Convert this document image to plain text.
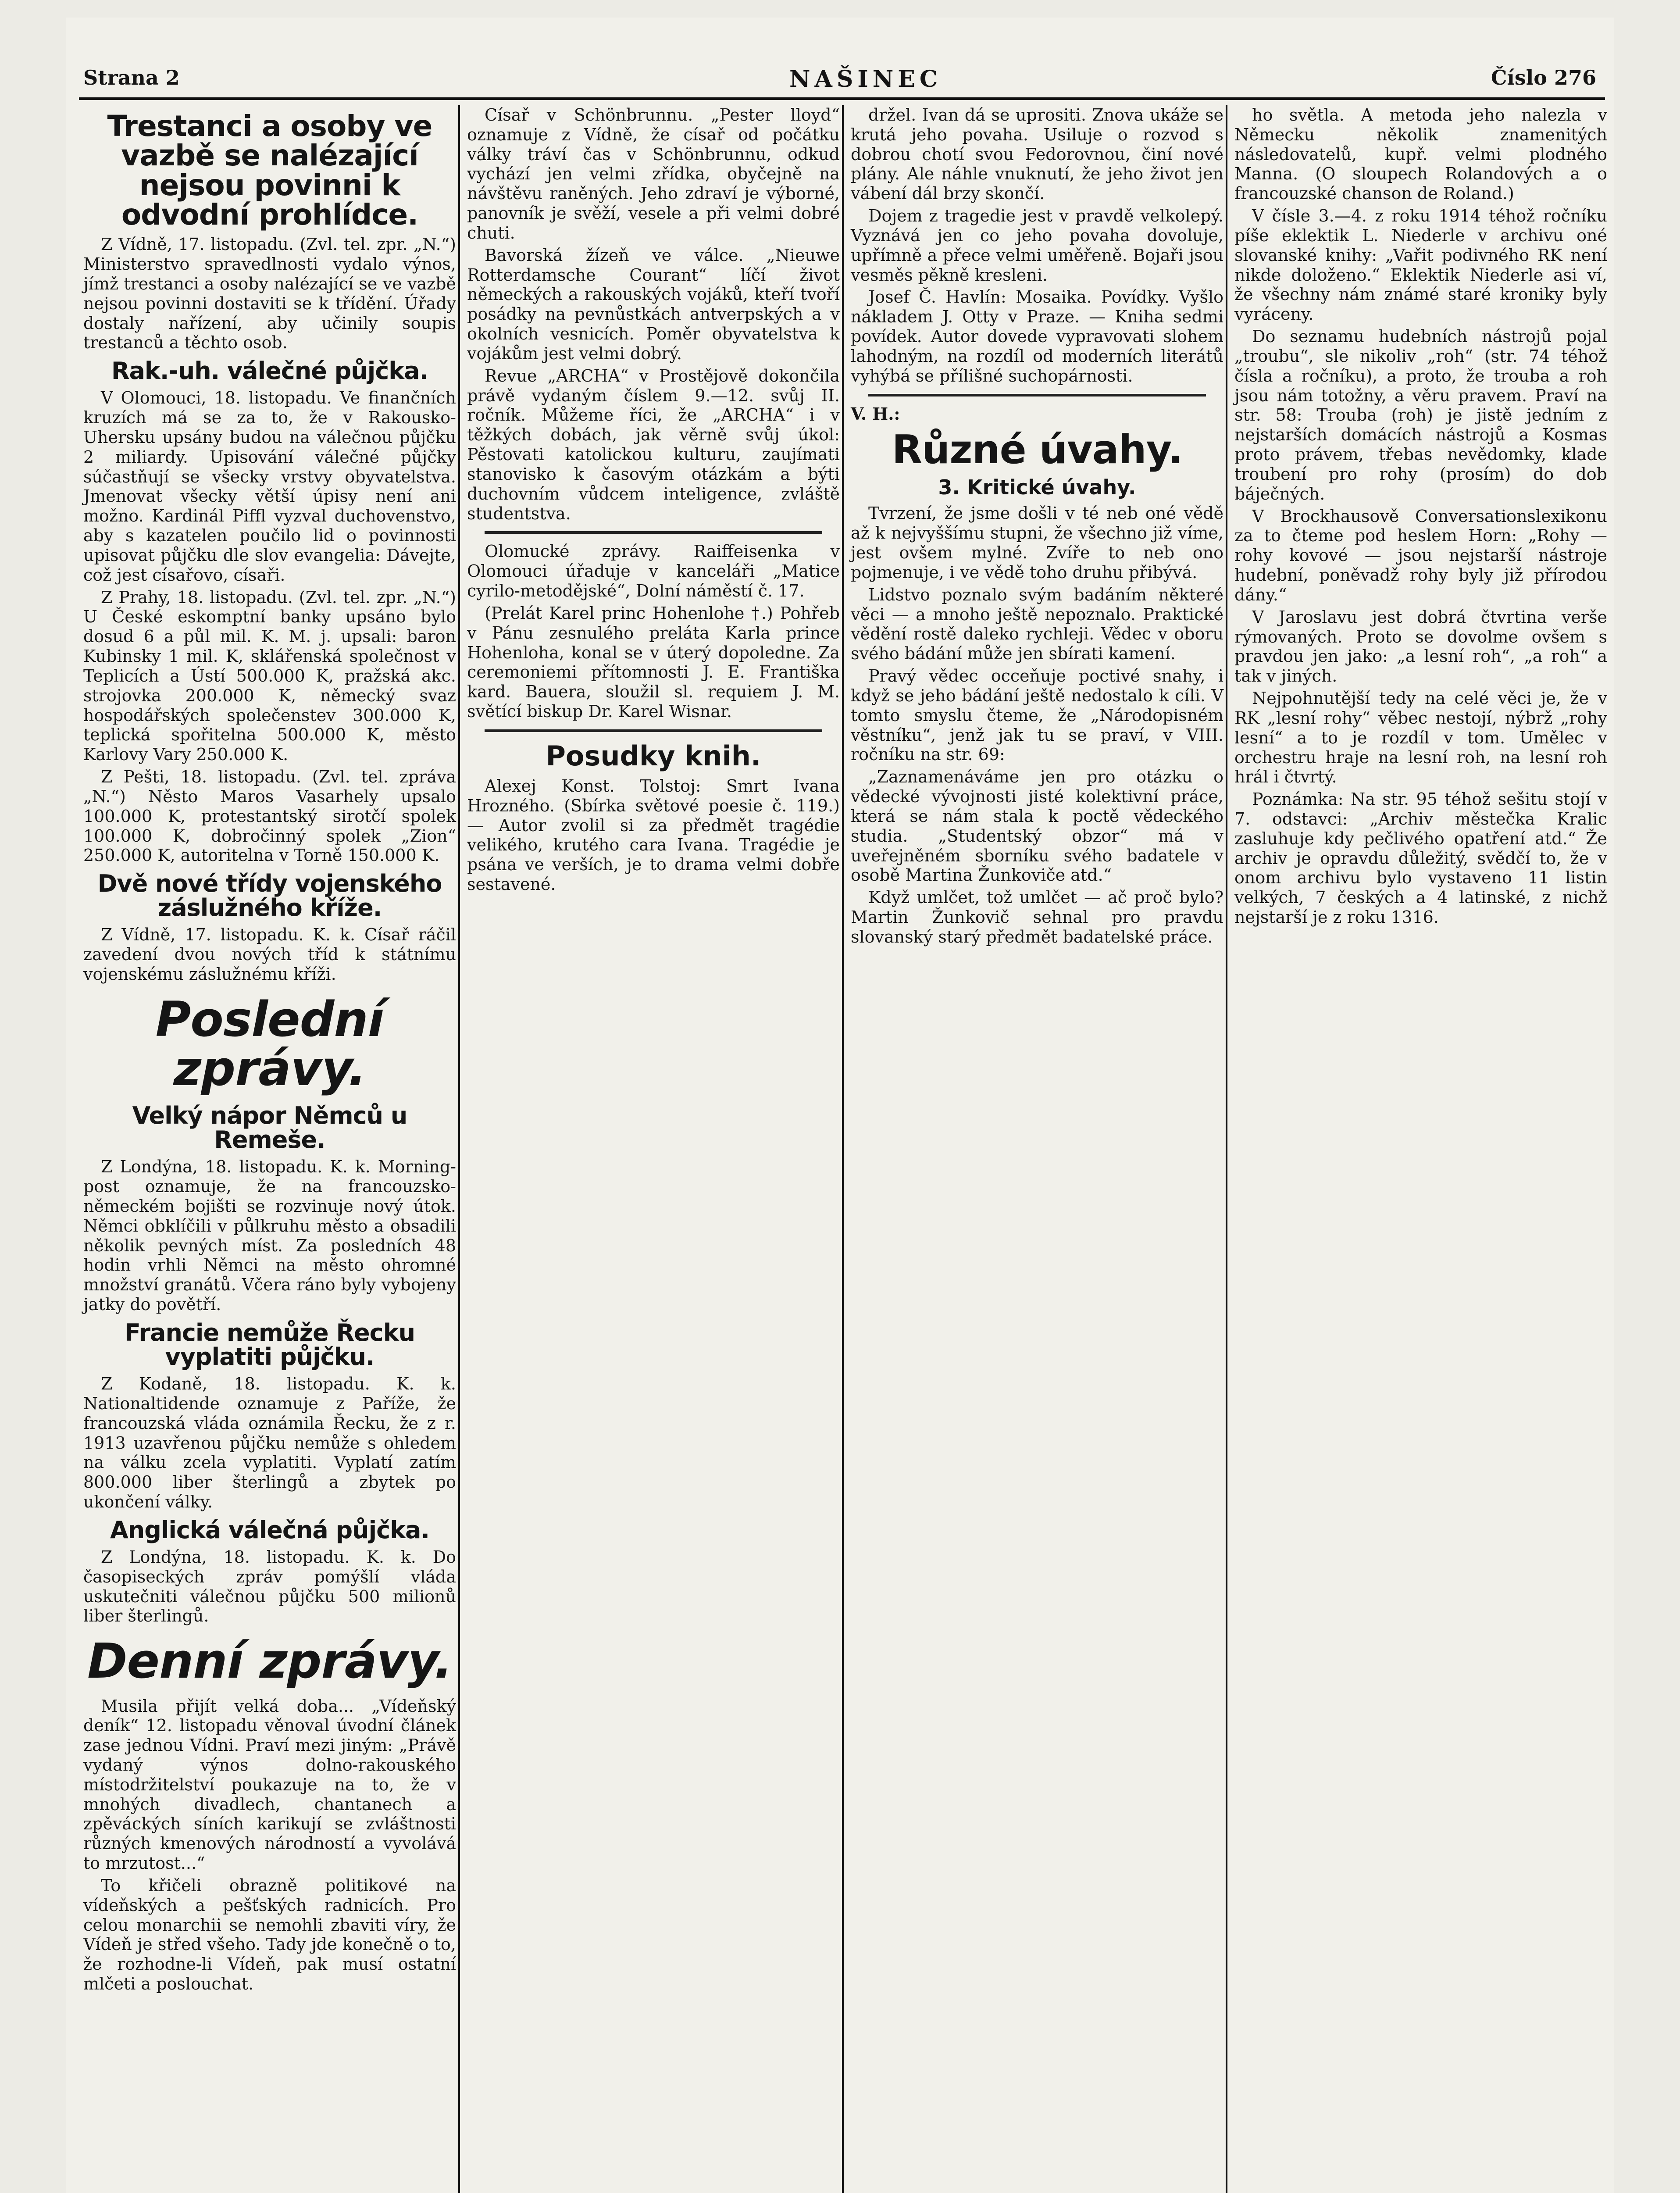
Strana 2	NAŠINEC	Číslo 276
Trestanci a osoby ve vazbě se nalézající nejsou povinni k odvodní prohlídce.

Z Vídně, 17. listopadu. (Zvl. tel. zpr. „N.“) Ministerstvo spravedlnosti vydalo výnos, jímž trestanci a osoby nalézající se ve vazbě nejsou povinni dostaviti se k třídění. Úřady dostaly nařízení, aby učinily soupis trestanců a těchto osob.

Rak.-uh. válečné půjčka.

V Olomouci, 18. listopadu. Ve finančních kruzích má se za to, že v Rakousko-Uhersku upsány budou na válečnou půjčku 2 miliardy. Upisování válečné půjčky súčastňují se všecky vrstvy obyvatelstva. Jmenovat všecky větší úpisy není ani možno. Kardinál Piffl vyzval duchovenstvo, aby s kazatelen poučilo lid o povinnosti upisovat půjčku dle slov evangelia: Dávejte, což jest císařovo, císaři.

Z Prahy, 18. listopadu. (Zvl. tel. zpr. „N.“) U České eskomptní banky upsáno bylo dosud 6 a půl mil. K. M. j. upsali: baron Kubinsky 1 mil. K, sklářenská společnost v Teplicích a Ústí 500.000 K, pražská akc. strojovka 200.000 K, německý svaz hospodářských společenstev 300.000 K, teplická spořitelna 500.000 K, město Karlovy Vary 250.000 K.

Z Pešti, 18. listopadu. (Zvl. tel. zpráva „N.“) Něsto Maros Vasarhely upsalo 100.000 K, protestantský sirotčí spolek 100.000 K, dobročinný spolek „Zion“ 250.000 K, autoritelna v Torně 150.000 K.

Dvě nové třídy vojenského záslužného kříže.

Z Vídně, 17. listopadu. K. k. Císař ráčil zavedení dvou nových tříd k státnímu vojenskému záslužnému kříži.

Poslední zprávy.
Velký nápor Němců u Remeše.

Z Londýna, 18. listopadu. K. k. Morning-post oznamuje, že na francouzsko-německém bojišti se rozvinuje nový útok. Němci obklíčili v půlkruhu město a obsadili několik pevných míst. Za posledních 48 hodin vrhli Němci na město ohromné množství granátů. Včera ráno byly vybojeny jatky do povětří.

Francie nemůže Řecku vyplatiti půjčku.

Z Kodaně, 18. listopadu. K. k. Nationaltidende oznamuje z Paříže, že francouzská vláda oznámila Řecku, že z r. 1913 uzavřenou půjčku nemůže s ohledem na válku zcela vyplatiti. Vyplatí zatím 800.000 liber šterlingů a zbytek po ukončení války.

Anglická válečná půjčka.

Z Londýna, 18. listopadu. K. k. Do časopiseckých zpráv pomýšlí vláda uskutečniti válečnou půjčku 500 milionů liber šterlingů.

Denní zprávy.

Musila přijít velká doba... „Vídeňský deník“ 12. listopadu věnoval úvodní článek zase jednou Vídni. Praví mezi jiným: „Právě vydaný výnos dolno-rakouského místodržitelství poukazuje na to, že v mnohých divadlech, chantanech a zpěváckých síních karikují se zvláštnosti různých kmenových národností a vyvolává to mrzutost...“

To křičeli obrazně politikové na vídeňských a pešťských radnicích. Pro celou monarchii se nemohli zbaviti víry, že Vídeň je střed všeho. Tady jde konečně o to, že rozhodne-li Vídeň, pak musí ostatní mlčeti a poslouchat.

Císař v Schönbrunnu. „Pester lloyd“ oznamuje z Vídně, že císař od počátku války tráví čas v Schönbrunnu, odkud vychází jen velmi zřídka, obyčejně na návštěvu raněných. Jeho zdraví je výborné, panovník je svěží, vesele a při velmi dobré chuti.

Bavorská žízeň ve válce. „Nieuwe Rotterdamsche Courant“ líčí život německých a rakouských vojáků, kteří tvoří posádky na pevnůstkách antverpských a v okolních vesnicích. Poměr obyvatelstva k vojákům jest velmi dobrý.

Revue „ARCHA“ v Prostějově dokončila právě vydaným číslem 9.—12. svůj II. ročník. Můžeme říci, že „ARCHA“ i v těžkých dobách, jak věrně svůj úkol: Pěstovati katolickou kulturu, zaujímati stanovisko k časovým otázkám a býti duchovním vůdcem inteligence, zvláště studentstva.

Olomucké zprávy. Raiffeisenka v Olomouci úřaduje v kanceláři „Matice cyrilo-metodějské“, Dolní náměstí č. 17.

(Prelát Karel princ Hohenlohe †.) Pohřeb v Pánu zesnulého preláta Karla prince Hohenloha, konal se v úterý dopoledne. Za ceremoniemi přítomnosti J. E. Františka kard. Bauera, sloužil sl. requiem J. M. světící biskup Dr. Karel Wisnar.

Posudky knih.

Alexej Konst. Tolstoj: Smrt Ivana Hrozného. (Sbírka světové poesie č. 119.) — Autor zvolil si za předmět tragédie velikého, krutého cara Ivana. Tragédie je psána ve verších, je to drama velmi dobře sestavené.

držel. Ivan dá se uprositi. Znova ukáže se krutá jeho povaha. Usiluje o rozvod s dobrou chotí svou Fedorovnou, činí nové plány. Ale náhle vnuknutí, že jeho život jen vábení dál brzy skončí.

Dojem z tragedie jest v pravdě velkolepý. Vyznává jen co jeho povaha dovoluje, upřímně a přece velmi uměřeně. Bojaři jsou vesměs pěkně kresleni.

Josef Č. Havlín: Mosaika. Povídky. Vyšlo nákladem J. Otty v Praze. — Kniha sedmi povídek. Autor dovede vypravovati slohem lahodným, na rozdíl od moderních literátů vyhýbá se přílišné suchopárnosti.

V. H.:

Různé úvahy.
3. Kritické úvahy.

Tvrzení, že jsme došli v té neb oné vědě až k nejvyššímu stupni, že všechno již víme, jest ovšem mylné. Zvíře to neb ono pojmenuje, i ve vědě toho druhu přibývá.

Lidstvo poznalo svým badáním některé věci — a mnoho ještě nepoznalo. Praktické vědění rostě daleko rychleji. Vědec v oboru svého bádání může jen sbírati kamení.

Pravý vědec occeňuje poctivé snahy, i když se jeho bádání ještě nedostalo k cíli. V tomto smyslu čteme, že „Národopisném věstníku“, jenž jak tu se praví, v VIII. ročníku na str. 69:

„Zaznamenáváme jen pro otázku o vědecké vývojnosti jisté kolektivní práce, která se nám stala k poctě vědeckého studia. „Studentský obzor“ má v uveřejněném sborníku svého badatele v osobě Martina Žunkoviče atd.“

Když umlčet, tož umlčet — ač proč bylo? Martin Žunkovič sehnal pro pravdu slovanský starý předmět badatelské práce.

ho světla. A metoda jeho nalezla v Německu několik znamenitých následovatelů, kupř. velmi plodného Manna. (O sloupech Rolandových a o francouzské chanson de Roland.)

V čísle 3.—4. z roku 1914 téhož ročníku píše eklektik L. Niederle v archivu oné slovanské knihy: „Vařit podivného RK není nikde doloženo.“ Eklektik Niederle asi ví, že všechny nám známé staré kroniky byly vyráceny.

Do seznamu hudebních nástrojů pojal „troubu“, sle nikoliv „roh“ (str. 74 téhož čísla a ročníku), a proto, že trouba a roh jsou nám totožny, a věru pravem. Praví na str. 58: Trouba (roh) je jistě jedním z nejstarších domácích nástrojů a Kosmas proto právem, třebas nevědomky, klade troubení pro rohy (prosím) do dob báječných.

V Brockhausově Conversationslexikonu za to čteme pod heslem Horn: „Rohy — rohy kovové — jsou nejstarší nástroje hudební, poněvadž rohy byly již přírodou dány.“

V Jaroslavu jest dobrá čtvrtina verše rýmovaných. Proto se dovolme ovšem s pravdou jen jako: „a lesní roh“, „a roh“ a tak v jiných.

Nejpohnutější tedy na celé věci je, že v RK „lesní rohy“ věbec nestojí, nýbrž „rohy lesní“ a to je rozdíl v tom. Umělec v orchestru hraje na lesní roh, na lesní roh hrál i čtvrtý.

Poznámka: Na str. 95 téhož sešitu stojí v 7. odstavci: „Archiv městečka Kralic zasluhuje kdy pečlivého opatření atd.“ Že archiv je opravdu důležitý, svědčí to, že v onom archivu bylo vystaveno 11 listin velkých, 7 českých a 4 latinské, z nichž nejstarší je z roku 1316.
